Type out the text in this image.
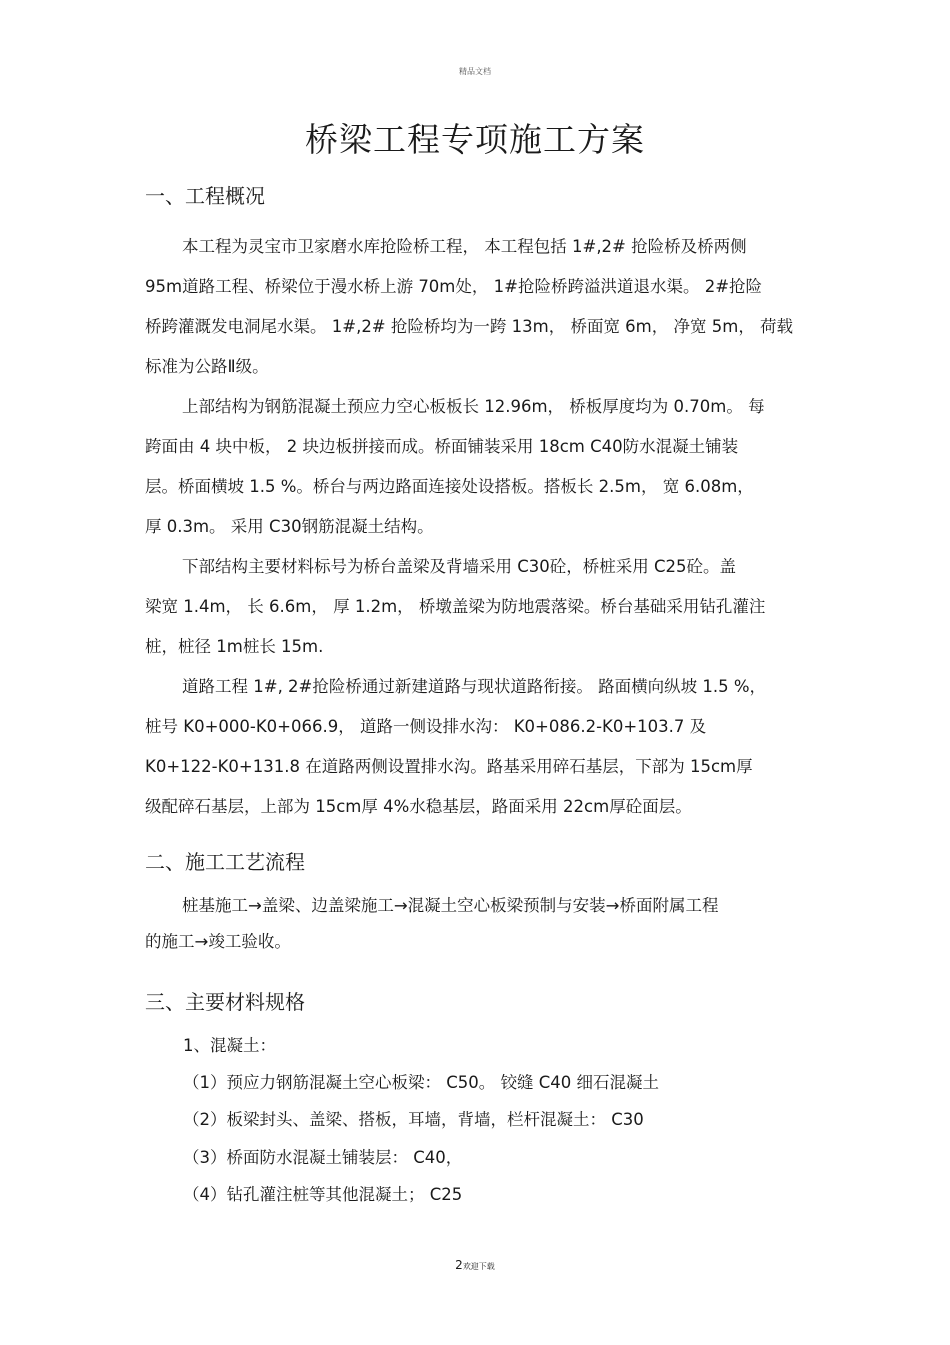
精品文档
桥梁工程专项施工方案
一、工程概况
本工程为灵宝市卫家磨水库抢险桥工程， 本工程包括 1#,2# 抢险桥及桥两侧
95m道路工程、桥梁位于漫水桥上游 70m处， 1#抢险桥跨溢洪道退水渠。 2#抢险
桥跨灌溉发电洞尾水渠。 1#,2# 抢险桥均为一跨 13m， 桥面宽 6m， 净宽 5m， 荷载
标准为公路Ⅱ级。
上部结构为钢筋混凝土预应力空心板板长 12.96m， 桥板厚度均为 0.70m。 每
跨面由 4 块中板， 2 块边板拼接而成。桥面铺装采用 18cm C40防水混凝土铺装
层。桥面横坡 1.5 %。桥台与两边路面连接处设搭板。搭板长 2.5m， 宽 6.08m，
厚 0.3m。 采用 C30钢筋混凝土结构。
下部结构主要材料标号为桥台盖梁及背墙采用 C30砼，桥桩采用 C25砼。盖
梁宽 1.4m， 长 6.6m， 厚 1.2m， 桥墩盖梁为防地震落梁。桥台基础采用钻孔灌注
桩，桩径 1m桩长 15m.
道路工程 1#, 2#抢险桥通过新建道路与现状道路衔接。 路面横向纵坡 1.5 %，
桩号 K0+000-K0+066.9， 道路一侧设排水沟： K0+086.2-K0+103.7 及
K0+122-K0+131.8 在道路两侧设置排水沟。路基采用碎石基层，下部为 15cm厚
级配碎石基层，上部为 15cm厚 4%水稳基层，路面采用 22cm厚砼面层。
二、施工工艺流程
桩基施工→盖梁、边盖梁施工→混凝土空心板梁预制与安装→桥面附属工程
的施工→竣工验收。
三、主要材料规格
1、混凝土：
（1）预应力钢筋混凝土空心板梁： C50。 铰缝 C40 细石混凝土
（2）板梁封头、盖梁、搭板，耳墙，背墙，栏杆混凝土： C30
（3）桥面防水混凝土铺装层： C40，
（4）钻孔灌注桩等其他混凝土； C25
2欢迎下载
